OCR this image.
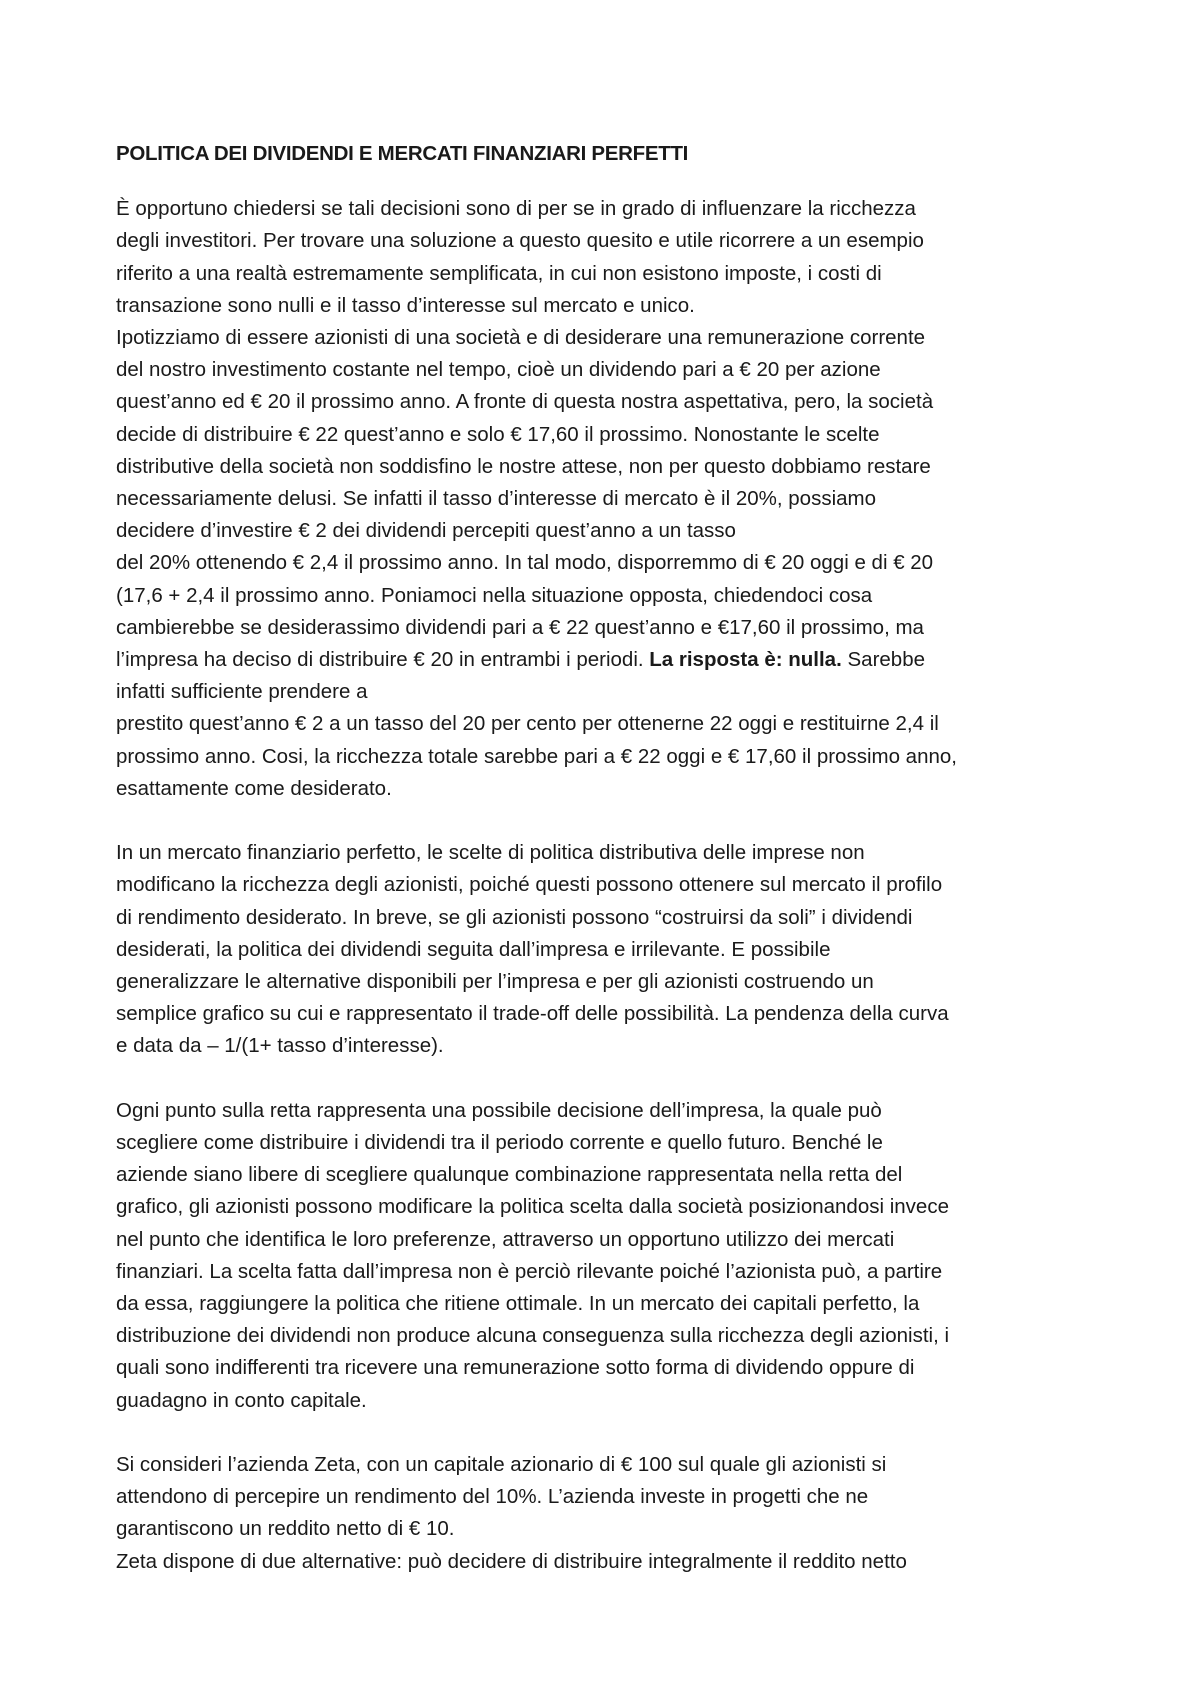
POLITICA DEI DIVIDENDI E MERCATI FINANZIARI PERFETTI
È opportuno chiedersi se tali decisioni sono di per se in grado di influenzare la ricchezza
degli investitori. Per trovare una soluzione a questo quesito e utile ricorrere a un esempio
riferito a una realtà estremamente semplificata, in cui non esistono imposte, i costi di
transazione sono nulli e il tasso d’interesse sul mercato e unico.
Ipotizziamo di essere azionisti di una società e di desiderare una remunerazione corrente
del nostro investimento costante nel tempo, cioè un dividendo pari a € 20 per azione
quest’anno ed € 20 il prossimo anno. A fronte di questa nostra aspettativa, pero, la società
decide di distribuire € 22 quest’anno e solo € 17,60 il prossimo. Nonostante le scelte
distributive della società non soddisfino le nostre attese, non per questo dobbiamo restare
necessariamente delusi. Se infatti il tasso d’interesse di mercato è il 20%, possiamo
decidere d’investire € 2 dei dividendi percepiti quest’anno a un tasso
del 20% ottenendo € 2,4 il prossimo anno. In tal modo, disporremmo di € 20 oggi e di € 20
(17,6 + 2,4 il prossimo anno. Poniamoci nella situazione opposta, chiedendoci cosa
cambierebbe se desiderassimo dividendi pari a € 22 quest’anno e €17,60 il prossimo, ma
l’impresa ha deciso di distribuire € 20 in entrambi i periodi. La risposta è: nulla. Sarebbe
infatti sufficiente prendere a
prestito quest’anno € 2 a un tasso del 20 per cento per ottenerne 22 oggi e restituirne 2,4 il
prossimo anno. Cosi, la ricchezza totale sarebbe pari a € 22 oggi e € 17,60 il prossimo anno,
esattamente come desiderato.
In un mercato finanziario perfetto, le scelte di politica distributiva delle imprese non
modificano la ricchezza degli azionisti, poiché questi possono ottenere sul mercato il profilo
di rendimento desiderato. In breve, se gli azionisti possono “costruirsi da soli” i dividendi
desiderati, la politica dei dividendi seguita dall’impresa e irrilevante. E possibile
generalizzare le alternative disponibili per l’impresa e per gli azionisti costruendo un
semplice grafico su cui e rappresentato il trade-off delle possibilità. La pendenza della curva
e data da – 1/(1+ tasso d’interesse).
Ogni punto sulla retta rappresenta una possibile decisione dell’impresa, la quale può
scegliere come distribuire i dividendi tra il periodo corrente e quello futuro. Benché le
aziende siano libere di scegliere qualunque combinazione rappresentata nella retta del
grafico, gli azionisti possono modificare la politica scelta dalla società posizionandosi invece
nel punto che identifica le loro preferenze, attraverso un opportuno utilizzo dei mercati
finanziari. La scelta fatta dall’impresa non è perciò rilevante poiché l’azionista può, a partire
da essa, raggiungere la politica che ritiene ottimale. In un mercato dei capitali perfetto, la
distribuzione dei dividendi non produce alcuna conseguenza sulla ricchezza degli azionisti, i
quali sono indifferenti tra ricevere una remunerazione sotto forma di dividendo oppure di
guadagno in conto capitale.
Si consideri l’azienda Zeta, con un capitale azionario di € 100 sul quale gli azionisti si
attendono di percepire un rendimento del 10%. L’azienda investe in progetti che ne
garantiscono un reddito netto di € 10.
Zeta dispone di due alternative: può decidere di distribuire integralmente il reddito netto
